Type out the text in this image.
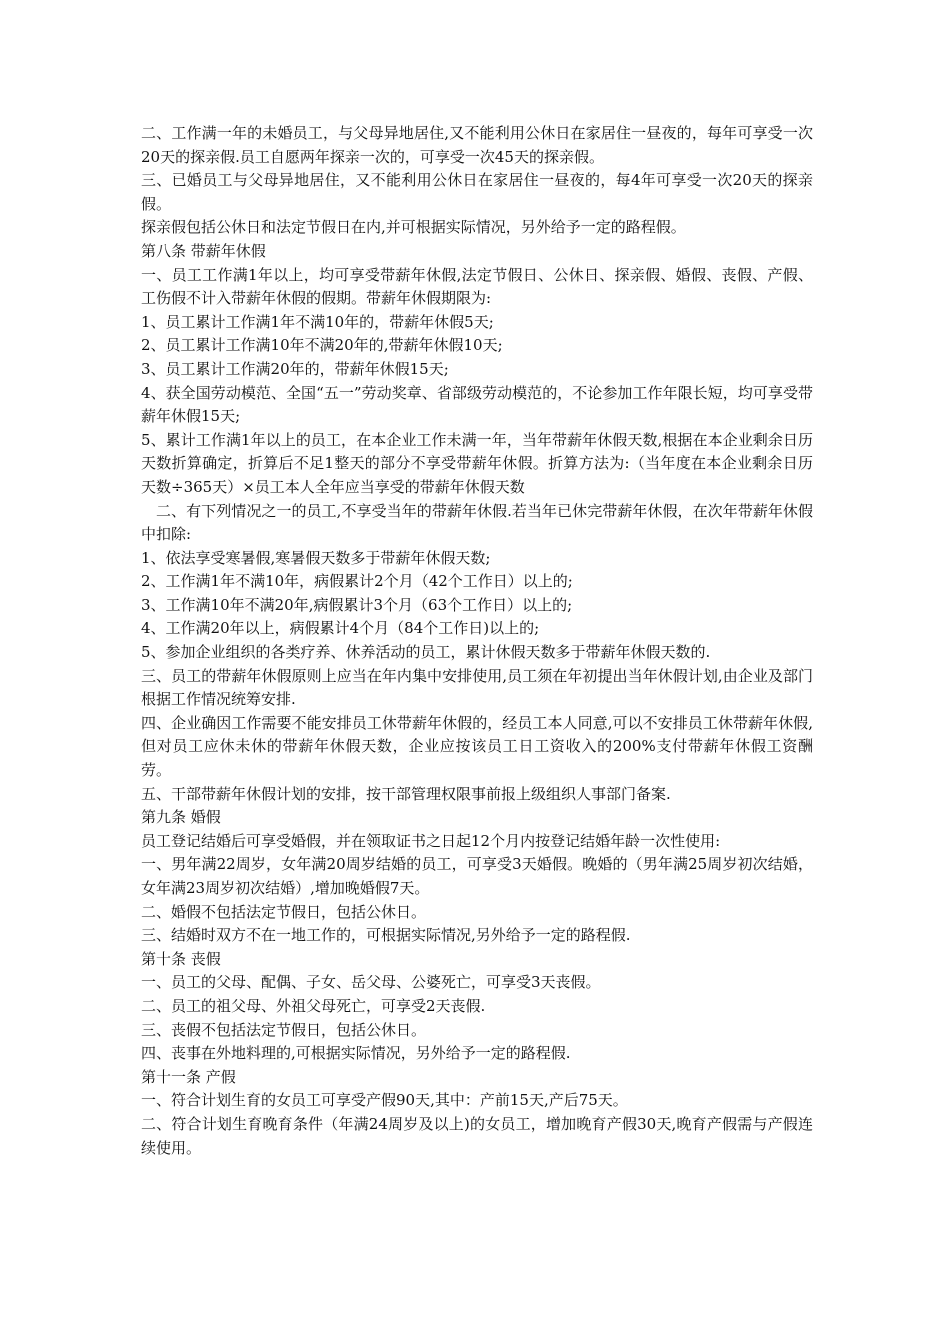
二、工作满一年的未婚员工，与父母异地居住,又不能利用公休日在家居住一昼夜的，每年可享受一次20天的探亲假.员工自愿两年探亲一次的，可享受一次45天的探亲假。

三、已婚员工与父母异地居住，又不能利用公休日在家居住一昼夜的，每4年可享受一次20天的探亲假。

探亲假包括公休日和法定节假日在内,并可根据实际情况，另外给予一定的路程假。

第八条 带薪年休假

一、员工工作满1年以上，均可享受带薪年休假,法定节假日、公休日、探亲假、婚假、丧假、产假、工伤假不计入带薪年休假的假期。带薪年休假期限为:

1、员工累计工作满1年不满10年的，带薪年休假5天;

2、员工累计工作满10年不满20年的,带薪年休假10天;

3、员工累计工作满20年的，带薪年休假15天;

4、获全国劳动模范、全国“五一”劳动奖章、省部级劳动模范的，不论参加工作年限长短，均可享受带薪年休假15天;

5、累计工作满1年以上的员工，在本企业工作未满一年，当年带薪年休假天数,根据在本企业剩余日历天数折算确定，折算后不足1整天的部分不享受带薪年休假。折算方法为:（当年度在本企业剩余日历天数÷365天）×员工本人全年应当享受的带薪年休假天数

二、有下列情况之一的员工,不享受当年的带薪年休假.若当年已休完带薪年休假，在次年带薪年休假中扣除:

1、依法享受寒暑假,寒暑假天数多于带薪年休假天数;

2、工作满1年不满10年，病假累计2个月（42个工作日）以上的;

3、工作满10年不满20年,病假累计3个月（63个工作日）以上的;

4、工作满20年以上，病假累计4个月（84个工作日)以上的;

5、参加企业组织的各类疗养、休养活动的员工，累计休假天数多于带薪年休假天数的.

三、员工的带薪年休假原则上应当在年内集中安排使用,员工须在年初提出当年休假计划,由企业及部门根据工作情况统筹安排.

四、企业确因工作需要不能安排员工休带薪年休假的，经员工本人同意,可以不安排员工休带薪年休假,但对员工应休未休的带薪年休假天数，企业应按该员工日工资收入的200%支付带薪年休假工资酬劳。

五、干部带薪年休假计划的安排，按干部管理权限事前报上级组织人事部门备案.

第九条 婚假

员工登记结婚后可享受婚假，并在领取证书之日起12个月内按登记结婚年龄一次性使用:

一、男年满22周岁，女年满20周岁结婚的员工，可享受3天婚假。晚婚的（男年满25周岁初次结婚，女年满23周岁初次结婚）,增加晚婚假7天。

二、婚假不包括法定节假日，包括公休日。

三、结婚时双方不在一地工作的，可根据实际情况,另外给予一定的路程假.

第十条 丧假

一、员工的父母、配偶、子女、岳父母、公婆死亡，可享受3天丧假。

二、员工的祖父母、外祖父母死亡，可享受2天丧假.

三、丧假不包括法定节假日，包括公休日。

四、丧事在外地料理的,可根据实际情况，另外给予一定的路程假.

第十一条 产假

一、符合计划生育的女员工可享受产假90天,其中：产前15天,产后75天。

二、符合计划生育晚育条件（年满24周岁及以上)的女员工，增加晚育产假30天,晚育产假需与产假连续使用。
